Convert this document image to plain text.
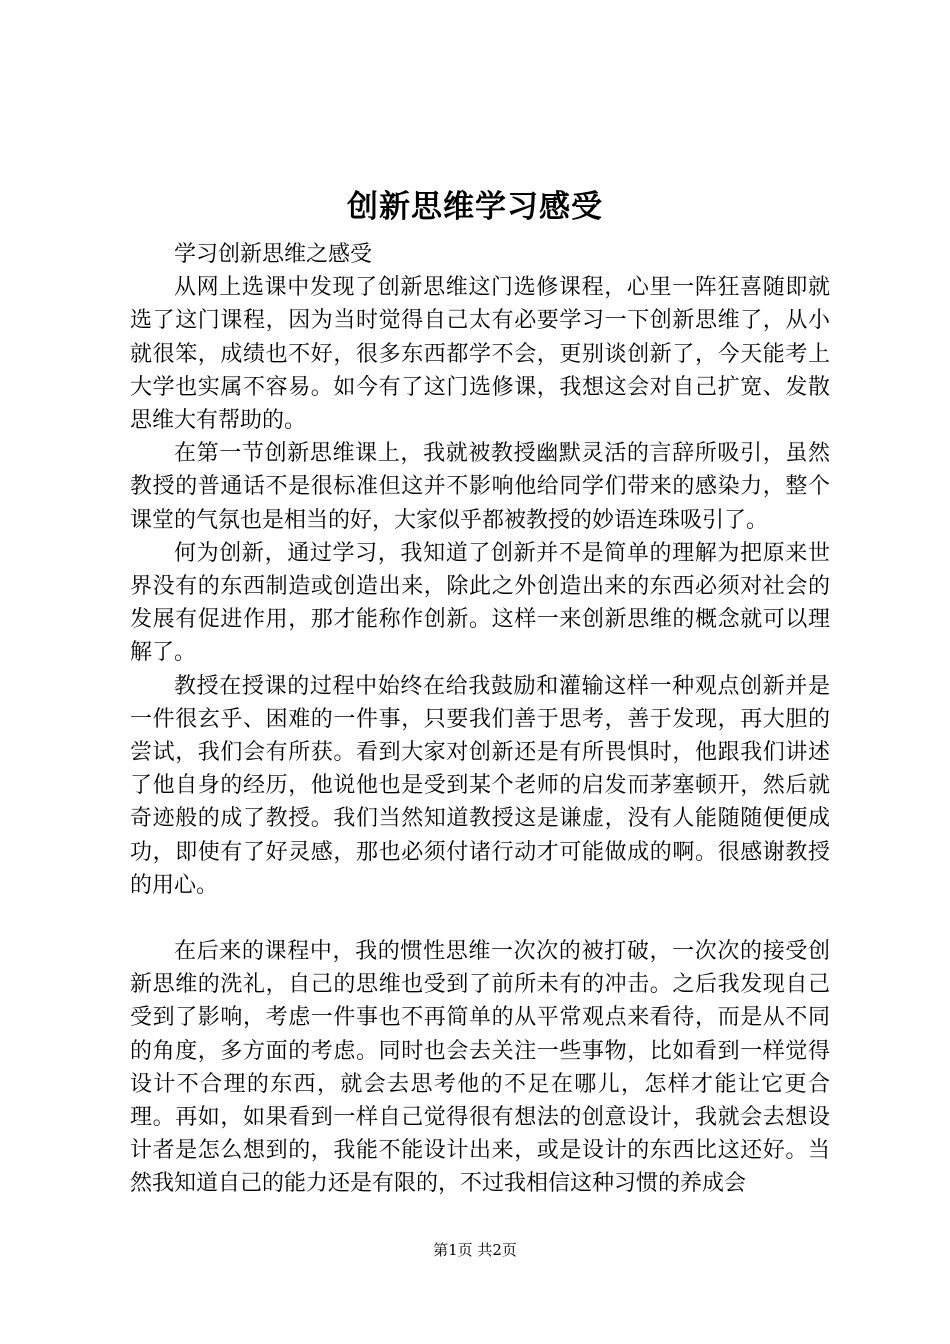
创新思维学习感受

学习创新思维之感受

从网上选课中发现了创新思维这门选修课程，心里一阵狂喜随即就选了这门课程，因为当时觉得自己太有必要学习一下创新思维了，从小就很笨，成绩也不好，很多东西都学不会，更别谈创新了，今天能考上大学也实属不容易。如今有了这门选修课，我想这会对自己扩宽、发散思维大有帮助的。

在第一节创新思维课上，我就被教授幽默灵活的言辞所吸引，虽然教授的普通话不是很标准但这并不影响他给同学们带来的感染力，整个课堂的气氛也是相当的好，大家似乎都被教授的妙语连珠吸引了。

何为创新，通过学习，我知道了创新并不是简单的理解为把原来世界没有的东西制造或创造出来，除此之外创造出来的东西必须对社会的发展有促进作用，那才能称作创新。这样一来创新思维的概念就可以理解了。

教授在授课的过程中始终在给我鼓励和灌输这样一种观点创新并是一件很玄乎、困难的一件事，只要我们善于思考，善于发现，再大胆的尝试，我们会有所获。看到大家对创新还是有所畏惧时，他跟我们讲述了他自身的经历，他说他也是受到某个老师的启发而茅塞顿开，然后就奇迹般的成了教授。我们当然知道教授这是谦虚，没有人能随随便便成功，即使有了好灵感，那也必须付诸行动才可能做成的啊。很感谢教授的用心。

在后来的课程中，我的惯性思维一次次的被打破，一次次的接受创新思维的洗礼，自己的思维也受到了前所未有的冲击。之后我发现自己受到了影响，考虑一件事也不再简单的从平常观点来看待，而是从不同的角度，多方面的考虑。同时也会去关注一些事物，比如看到一样觉得设计不合理的东西，就会去思考他的不足在哪儿，怎样才能让它更合理。再如，如果看到一样自己觉得很有想法的创意设计，我就会去想设计者是怎么想到的，我能不能设计出来，或是设计的东西比这还好。当然我知道自己的能力还是有限的，不过我相信这种习惯的养成会

第1页 共2页
